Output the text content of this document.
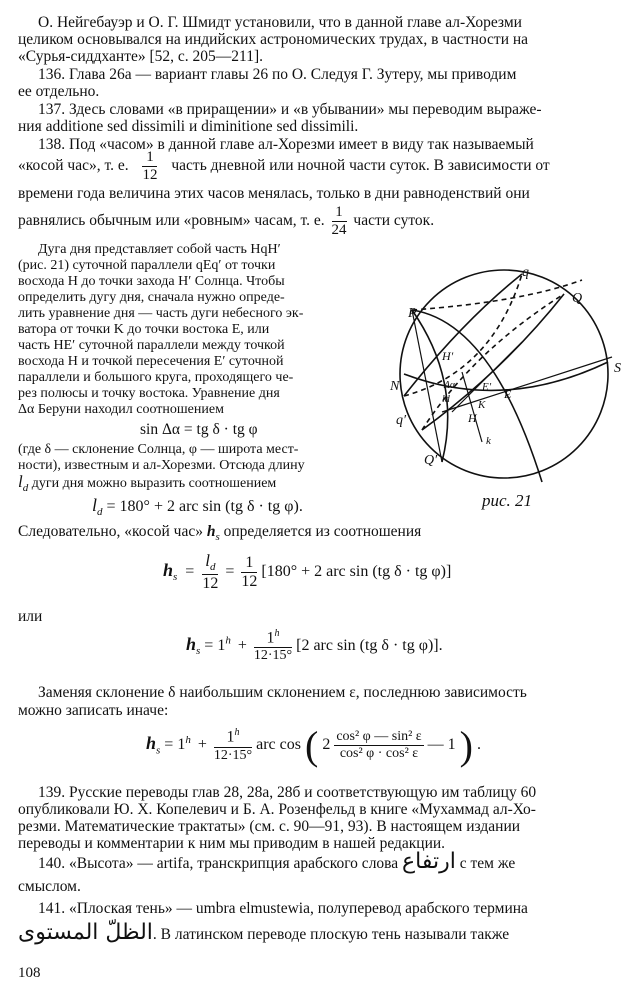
О. Нейгебауэр и О. Г. Шмидт установили, что в данной главе ал-Хорезми
целиком основывался на индийских астрономических трудах, в частности на
«Сурья-сиддханте» [52, с. 205—211].
136. Глава 26а — вариант главы 26 по О. Следуя Г. Зутеру, мы приводим
ее отдельно.
137. Здесь словами «в приращении» и «в убывании» мы переводим выраже-
ния additione sed dissimili и diminitione sed dissimili.
138. Под «часом» в данной главе ал-Хорезми имеет в виду так называемый
«косой час», т. е. $\frac{1}{12}$ часть дневной или ночной части суток. В зависимости от
времени года величина этих часов менялась, только в дни равноденствий они
равнялись обычным или «ровным» часам, т. е. $\frac{1}{24}$ части суток.
Дуга дня представляет собой часть HqH′
(рис. 21) суточной параллели qEq′ от точки
восхода H до точки захода H′ Солнца. Чтобы
определить дугу дня, сначала нужно опреде-
лить уравнение дня — часть дуги небесного эк-
ватора от точки K до точки востока E, или
часть HE′ суточной параллели между точкой
восхода H и точкой пересечения E′ суточной
параллели и большого круга, проходящего че-
рез полюсы и точку востока. Уравнение дня
Δα Беруни находил соотношением
sin Δα = tg δ · tg φ
(где δ — склонение Солнца, φ — широта мест-
ности), известным и ал-Хорезми. Отсюда длину
$l_d$ дуги дня можно выразить соотношением
$l_d = 180^\circ + 2$ arc sin (tg δ · tg φ).
Следовательно, «косой час» $h_s$ определяется из соотношения
$h_s = \frac{l_d}{12} = \frac{1}{12} [180^\circ + 2$ arc sin (tg δ · tg φ)]
или
$h_s = 1^h + \frac{1^h}{12\cdot 15^\circ} [2$ arc sin (tg δ · tg φ)].
Заменяя склонение δ наибольшим склонением ε, последнюю зависимость
можно записать иначе:
$h_s = 1^h + \frac{1^h}{12\cdot 15^\circ}$ arc cos ( $2 \frac{\text{cos² φ — sin² ε}}{\text{cos² φ · cos² ε}}$ — 1 ) .
139. Русские переводы глав 28, 28а, 28б и соответствующую им таблицу 60
опубликовали Ю. Х. Копелевич и Б. А. Розенфельд в книге «Мухаммад ал-Хо-
резми. Математические трактаты» (см. с. 90—91, 93). В настоящем издании
переводы и комментарии к ним мы приводим в нашей редакции.
140. «Высота» — artifa, транскрипция арабского слова ارتفاع с тем же
смыслом.
141. «Плоская тень» — umbra elmustewia, полуперевод арабского термина
الظلّ المستوى. В латинском переводе плоскую тень называли также
108
q
Q
P
S
N
H′
E
K
E′
H
q′
Q′
ld
Δα
k
рис. 21
